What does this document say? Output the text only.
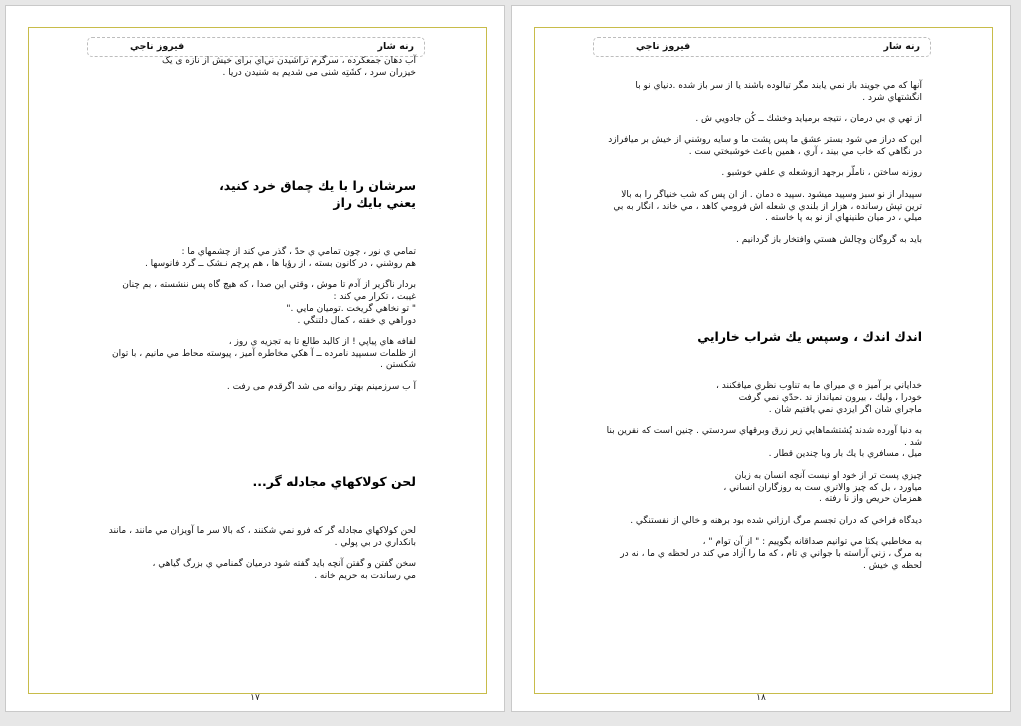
رنه شار
فيروز ناجي
آب دهان جمعكرده ، سرگرم تراشيدن ني‌اي براى خيش از نازه ى يک
خيزران سرد ، كشَتِه شنى مى شديم به شنيدن دريا .
سرشان را با يك چماق خرد كنيد،
يعني بايك راز
تمامي ي نور ، چون تمامي ي حدّ ، گذر مي كند از چشمهاي ما :
هم روشني ، در كانون بسته ، از رؤيا ها ، هم پرچم نـشک ــ گرد فانوسها .
بردار ناگزير از آدم تا موش ، وقتي اين صدا ، كه هيچ گاه پس ننشسته ، بم چنان
غيبت ، تكرار مي كند :
" تو نخاهي گريخت .توميان مايي ."
دوراهي ي خفته ، كمال دلتنگي .
لفافه هاي پياپي ! از كالبد طالع تا به تجزيه ي روز ،
از ظلمات سسپيد نامرده ــ آ هكي مخاطره آميز ، پيوسته محاط مي مانيم ، با توان
شكستن .
آ ب سرزمينم بهتر روانه مى شد اگرقدم مى رفت .
لحن كولاكهاي مجادله گر...
لحن كولاكهاي مجادله گر كه فرو نمي شكنند ، كه بالا سر ما آويزان مي مانند ، مانند
بانكداري در بي پولي .
سخن گفتن و گفتن آنچه بايد گفته شود درميان گمنامي ي بزرگ گياهي ،
مي رساندت به حريم خانه .
١٧
رنه شار
فيروز ناجي
آنها كه مي جويند باز نمي يابند مگر تبالوده باشند يا از سر باز شده .دنياي نو با
انگشتهاي شرد .
از تهي ي بي درمان ، نتيجه برميايد وخشك ــ كُن جادويي ش .
اين كه دراز مي شود بستر عشق ما پس پشت ما و سايه روشني از خيش بر ميافرازد
در نگاهي كه خاب مي بيند ، آري ، همين باعث خوشبختي ست .
روزنه ساختن ، ناملّر برجهد ازوشعله ي علفي خوشبو .
سپيدار از نو سبز وسپيد ميشود .سپيد ه دمان . از ان پس كه شب خنياگر را به بالا
ترين تپش رسانده ، هزار از بلندي ي شعله اش فرومي كاهد ، مي خاند ، انگار به بي
ميلي ، در ميان طنينهاي از نو به پا خاسته .
بايد به گروگان وچالش هستي وافتخار باز گردانيم .
اندك اندك ، وسپس يك شراب خارايي
خداياني بر آميز ه ي ميراي ما به تناوب نظري ميافكنند ،
خودرا ، وليك ، بيرون نميانداز ند .حدّي نمي گرفت
ماجراي شان اگر ايزدي نمي يافتيم شان .
به دنيا آورده شدند پُشتشماهايي زير زرق وبرقهاي سردستي . چنين است كه نفرين بنا
شد .
ميل ، مسافري با يك بار وبا چندين قطار .
چيزي پست تر از خود او نيست آنچه انسان به زبان
مياورد ، بل كه چيز والاتري ست به روزگاران انساني ،
همزمان حريص واز نا رفته .
ديدگاه فراخي كه دران تجسم مرگ ارزاني شده بود برهنه و خالي از نفستنگي .
به مخاطبي يكتا مي توانيم صداقانه بگوييم : " از آن توام " ،
به مرگ ، زني آراسته با جواني ي تام ، كه ما را آزاد مي كند در لحظه ي ما ، نه در
لحظه ي خيش .
١٨
